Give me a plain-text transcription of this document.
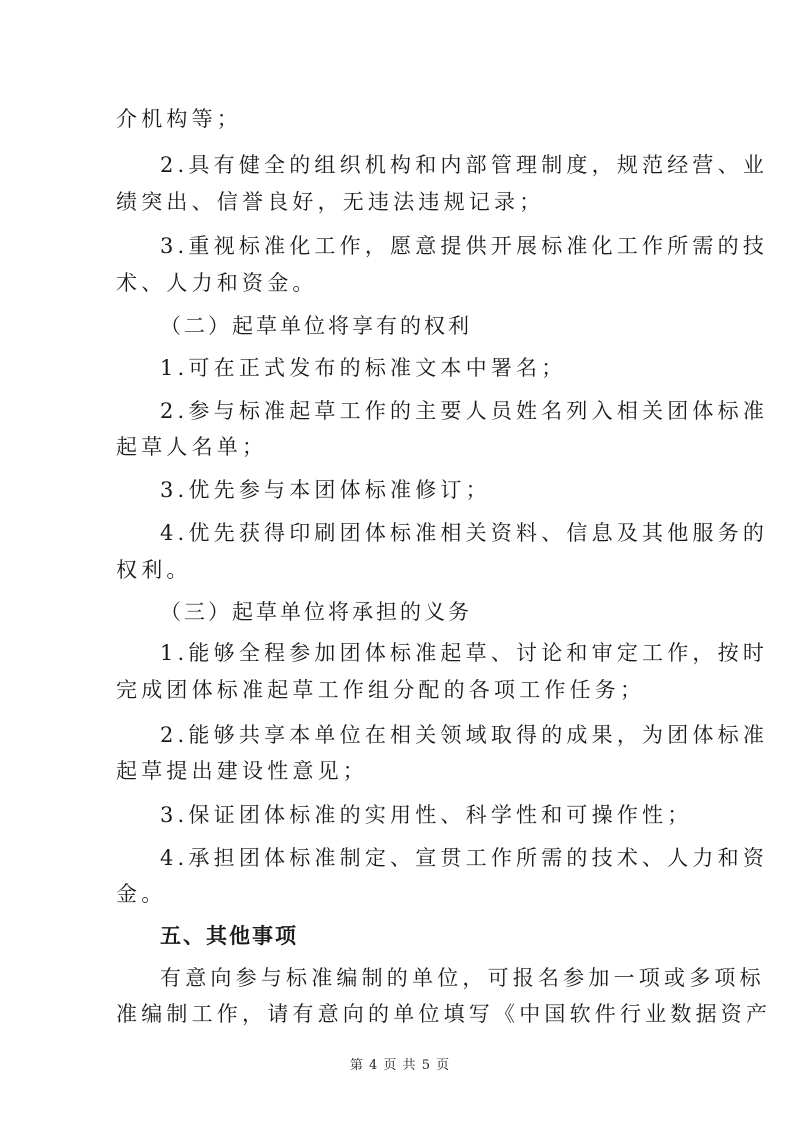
介机构等；
2.具有健全的组织机构和内部管理制度，规范经营、业
绩突出、信誉良好，无违法违规记录；
3.重视标准化工作，愿意提供开展标准化工作所需的技
术、人力和资金。
（二）起草单位将享有的权利
1.可在正式发布的标准文本中署名；
2.参与标准起草工作的主要人员姓名列入相关团体标准
起草人名单；
3.优先参与本团体标准修订；
4.优先获得印刷团体标准相关资料、信息及其他服务的
权利。
（三）起草单位将承担的义务
1.能够全程参加团体标准起草、讨论和审定工作，按时
完成团体标准起草工作组分配的各项工作任务；
2.能够共享本单位在相关领域取得的成果，为团体标准
起草提出建设性意见；
3.保证团体标准的实用性、科学性和可操作性；
4.承担团体标准制定、宣贯工作所需的技术、人力和资
金。
五、其他事项
有意向参与标准编制的单位，可报名参加一项或多项标
准编制工作，请有意向的单位填写《中国软件行业数据资产
第 4 页 共 5 页
